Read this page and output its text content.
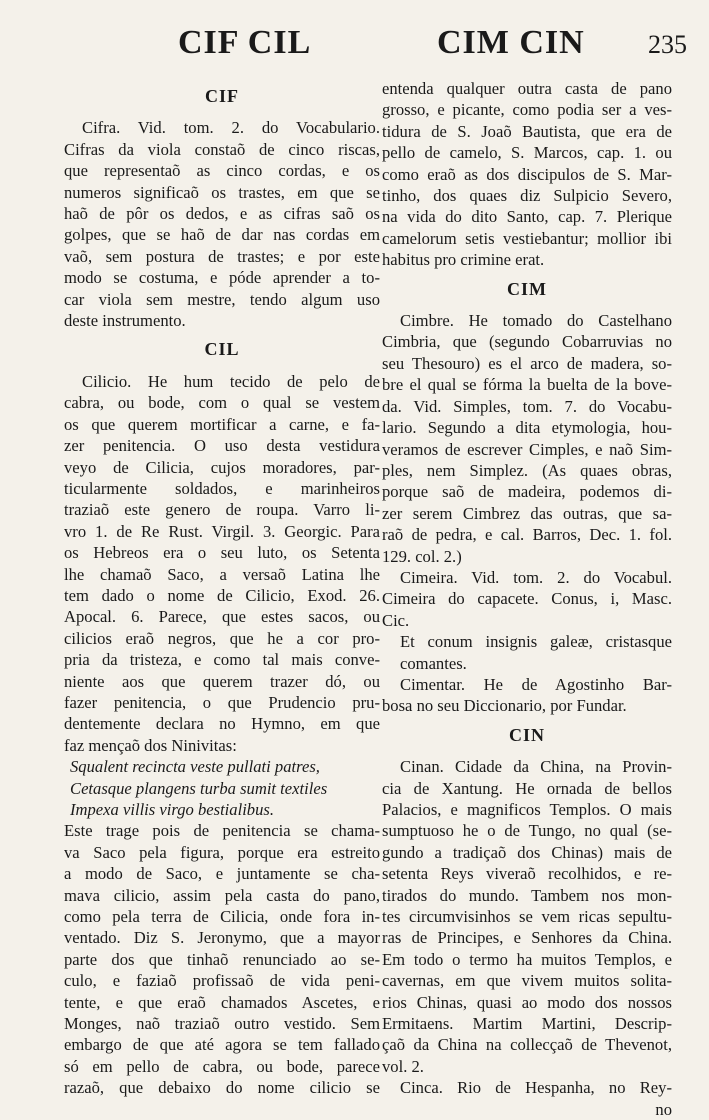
CIF CIL	CIM CIN 235
CIF
Cifra. Vid. tom. 2. do Vocabulario.
Cifras da viola constaõ de cinco riscas,
que representaõ as cinco cordas, e os
numeros significaõ os trastes, em que se
haõ de pôr os dedos, e as cifras saõ os
golpes, que se haõ de dar nas cordas em
vaõ, sem postura de trastes; e por este
modo se costuma, e póde aprender a to-
car viola sem mestre, tendo algum uso
deste instrumento.
CIL
Cilicio. He hum tecido de pelo de
cabra, ou bode, com o qual se vestem
os que querem mortificar a carne, e fa-
zer penitencia. O uso desta vestidura
veyo de Cilicia, cujos moradores, par-
ticularmente soldados, e marinheiros
traziaõ este genero de roupa. Varro li-
vro 1. de Re Rust. Virgil. 3. Georgic. Para
os Hebreos era o seu luto, os Setenta
lhe chamaõ Saco, a versaõ Latina lhe
tem dado o nome de Cilicio, Exod. 26.
Apocal. 6. Parece, que estes sacos, ou
cilicios eraõ negros, que he a cor pro-
pria da tristeza, e como tal mais conve-
niente aos que querem trazer dó, ou
fazer penitencia, o que Prudencio pru-
dentemente declara no Hymno, em que
faz mençaõ dos Ninivitas:
Squalent recincta veste pullati patres,
Cetasque plangens turba sumit textiles
Impexa villis virgo bestialibus.
Este trage pois de penitencia se chama-
va Saco pela figura, porque era estreito
a modo de Saco, e juntamente se cha-
mava cilicio, assim pela casta do pano,
como pela terra de Cilicia, onde fora in-
ventado. Diz S. Jeronymo, que a mayor
parte dos que tinhaõ renunciado ao se-
culo, e faziaõ profissaõ de vida peni-
tente, e que eraõ chamados Ascetes, e
Monges, naõ traziaõ outro vestido. Sem
embargo de que até agora se tem fallado
só em pello de cabra, ou bode, parece
razaõ, que debaixo do nome cilicio se
entenda qualquer outra casta de pano
grosso, e picante, como podia ser a ves-
tidura de S. Joaõ Bautista, que era de
pello de camelo, S. Marcos, cap. 1. ou
como eraõ as dos discipulos de S. Mar-
tinho, dos quaes diz Sulpicio Severo,
na vida do dito Santo, cap. 7. Plerique
camelorum setis vestiebantur; mollior ibi
habitus pro crimine erat.
CIM
Cimbre. He tomado do Castelhano
Cimbria, que (segundo Cobarruvias no
seu Thesouro) es el arco de madera, so-
bre el qual se fórma la buelta de la bove-
da. Vid. Simples, tom. 7. do Vocabu-
lario. Segundo a dita etymologia, hou-
veramos de escrever Cimples, e naõ Sim-
ples, nem Simplez. (As quaes obras,
porque saõ de madeira, podemos di-
zer serem Cimbrez das outras, que sa-
raõ de pedra, e cal. Barros, Dec. 1. fol.
129. col. 2.)
Cimeira. Vid. tom. 2. do Vocabul.
Cimeira do capacete. Conus, i, Masc.
Cic.
Et conum insignis galeæ, cristasque
comantes.
Cimentar. He de Agostinho Bar-
bosa no seu Diccionario, por Fundar.
CIN
Cinan. Cidade da China, na Provin-
cia de Xantung. He ornada de bellos
Palacios, e magnificos Templos. O mais
sumptuoso he o de Tungo, no qual (se-
gundo a tradiçaõ dos Chinas) mais de
setenta Reys viveraõ recolhidos, e re-
tirados do mundo. Tambem nos mon-
tes circumvisinhos se vem ricas sepultu-
ras de Principes, e Senhores da China.
Em todo o termo ha muitos Templos, e
cavernas, em que vivem muitos solita-
rios Chinas, quasi ao modo dos nossos
Ermitaens. Martim Martini, Descrip-
çaõ da China na collecçaõ de Thevenot,
vol. 2.
Cinca. Rio de Hespanha, no Rey-
no
